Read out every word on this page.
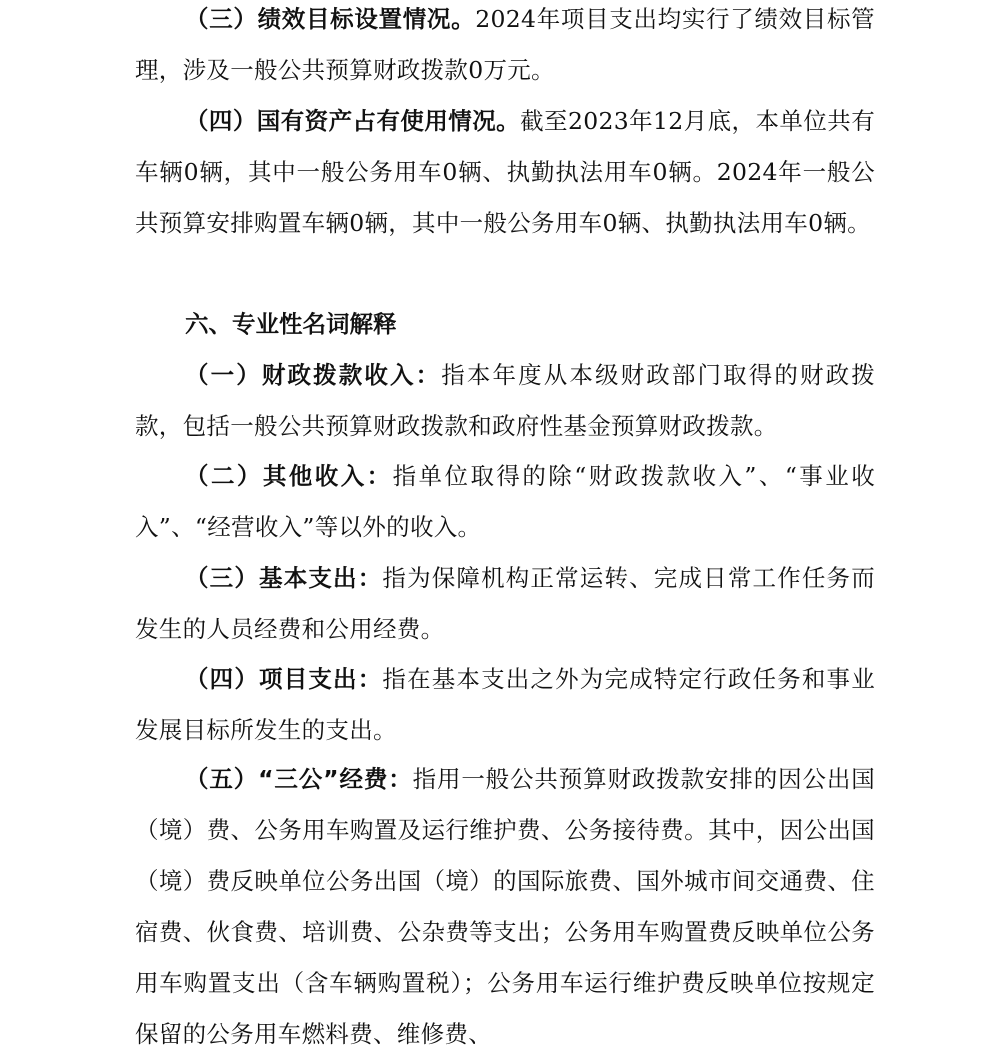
（三）绩效目标设置情况。2024年项目支出均实行了绩效目标管理，涉及一般公共预算财政拨款0万元。

（四）国有资产占有使用情况。截至2023年12月底，本单位共有车辆0辆，其中一般公务用车0辆、执勤执法用车0辆。2024年一般公共预算安排购置车辆0辆，其中一般公务用车0辆、执勤执法用车0辆。

六、专业性名词解释

（一）财政拨款收入：指本年度从本级财政部门取得的财政拨款，包括一般公共预算财政拨款和政府性基金预算财政拨款。

（二）其他收入：指单位取得的除“财政拨款收入”、“事业收入”、“经营收入”等以外的收入。

（三）基本支出：指为保障机构正常运转、完成日常工作任务而发生的人员经费和公用经费。

（四）项目支出：指在基本支出之外为完成特定行政任务和事业发展目标所发生的支出。

（五）“三公”经费：指用一般公共预算财政拨款安排的因公出国（境）费、公务用车购置及运行维护费、公务接待费。其中，因公出国（境）费反映单位公务出国（境）的国际旅费、国外城市间交通费、住宿费、伙食费、培训费、公杂费等支出；公务用车购置费反映单位公务用车购置支出（含车辆购置税）；公务用车运行维护费反映单位按规定保留的公务用车燃料费、维修费、
